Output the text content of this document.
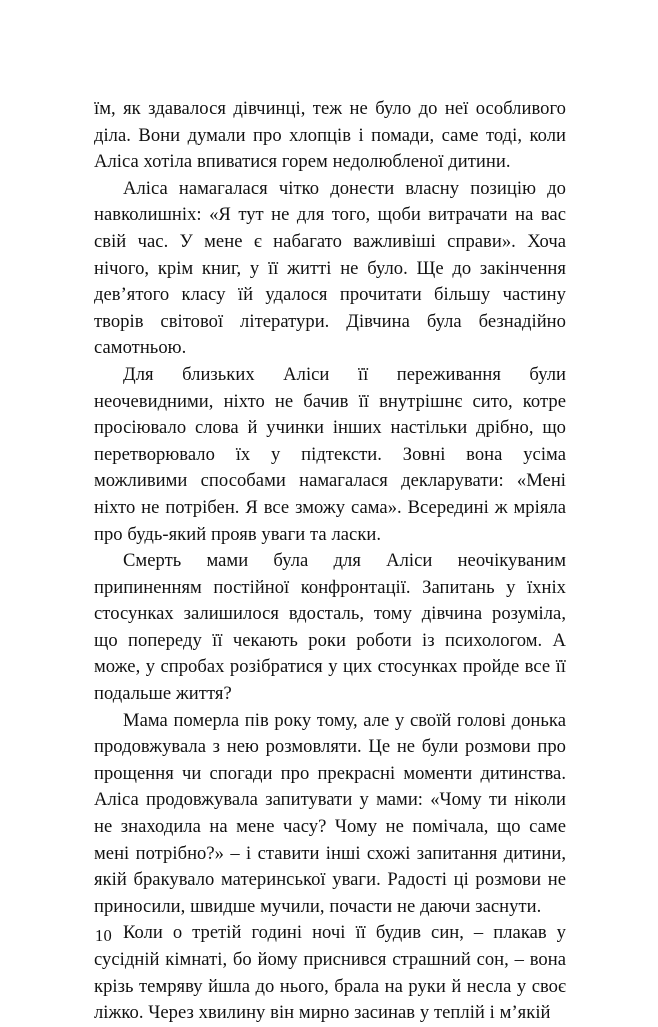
їм, як здавалося дівчинці, теж не було до неї особливого діла. Вони думали про хлопців і помади, саме тоді, коли Аліса хотіла впиватися горем недолюбленої дитини.

Аліса намагалася чітко донести власну позицію до навколишніх: «Я тут не для того, щоби витрачати на вас свій час. У мене є набагато важливіші справи». Хоча нічого, крім книг, у її житті не було. Ще до закінчення дев’ятого класу їй удалося прочитати більшу частину творів світової літератури. Дівчина була безнадійно самотньою.

Для близьких Аліси її переживання були неочевидними, ніхто не бачив її внутрішнє сито, котре просіювало слова й учинки інших настільки дрібно, що перетворювало їх у підтексти. Зовні вона усіма можливими способами намагалася декларувати: «Мені ніхто не потрібен. Я все зможу сама». Всередині ж мріяла про будь-який прояв уваги та ласки.

Смерть мами була для Аліси неочікуваним припиненням постійної конфронтації. Запитань у їхніх стосунках залишилося вдосталь, тому дівчина розуміла, що попереду її чекають роки роботи із психологом. А може, у спробах розібратися у цих стосунках пройде все її подальше життя?

Мама померла пів року тому, але у своїй голові донька продовжувала з нею розмовляти. Це не були розмови про прощення чи спогади про прекрасні моменти дитинства. Аліса продовжувала запитувати у мами: «Чому ти ніколи не знаходила на мене часу? Чому не помічала, що саме мені потрібно?» – і ставити інші схожі запитання дитини, якій бракувало материнської уваги. Радості ці розмови не приносили, швидше мучили, почасти не даючи заснути.

Коли о третій годині ночі її будив син, – плакав у сусідній кімнаті, бо йому приснився страшний сон, – вона крізь темряву йшла до нього, брала на руки й несла у своє ліжко. Через хвилину він мирно засинав у теплій і м’якій

10
